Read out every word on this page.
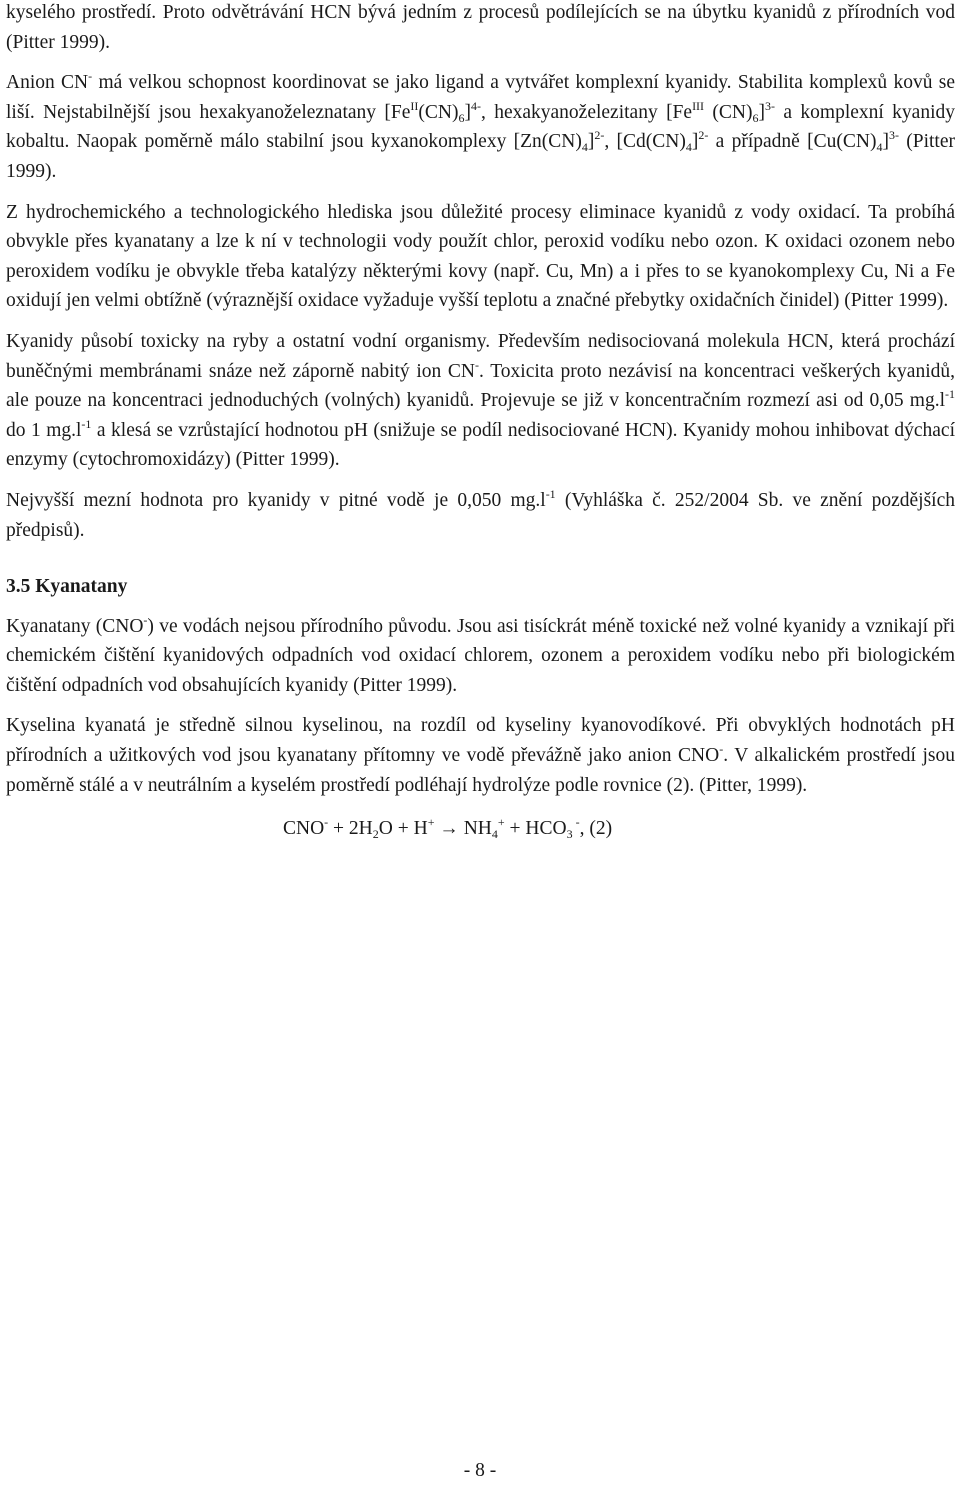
kyselého prostředí. Proto odvětrávání HCN bývá jedním z procesů podílejících se na úbytku kyanidů z přírodních vod (Pitter 1999).

Anion CN- má velkou schopnost koordinovat se jako ligand a vytvářet komplexní kyanidy. Stabilita komplexů kovů se liší. Nejstabilnější jsou hexakyanoželeznatany $[Fe^{II}(CN)_6]^{4-}$, hexakyanoželezitany [$Fe^{III}$ $(CN)_6]^{3-}$ a komplexní kyanidy kobaltu. Naopak poměrně málo stabilní jsou kyxanokomplexy $[Zn(CN)_4]^{2-}$, $[Cd(CN)_4]^{2-}$ a případně $[Cu(CN)_4]^{3-}$ (Pitter 1999).

Z hydrochemického a technologického hlediska jsou důležité procesy eliminace kyanidů z vody oxidací. Ta probíhá obvykle přes kyanatany a lze k ní v technologii vody použít chlor, peroxid vodíku nebo ozon. K oxidaci ozonem nebo peroxidem vodíku je obvykle třeba katalýzy některými kovy (např. Cu, Mn) a i přes to se kyanokomplexy Cu, Ni a Fe oxidují jen velmi obtížně (výraznější oxidace vyžaduje vyšší teplotu a značné přebytky oxidačních činidel) (Pitter 1999).

Kyanidy působí toxicky na ryby a ostatní vodní organismy. Především nedisociovaná molekula HCN, která prochází buněčnými membránami snáze než záporně nabitý ion CN-. Toxicita proto nezávisí na koncentraci veškerých kyanidů, ale pouze na koncentraci jednoduchých (volných) kyanidů. Projevuje se již v koncentračním rozmezí asi od 0,05 $mg.l^{-1}$ do 1 $mg.l^{-1}$ a klesá se vzrůstající hodnotou pH (snižuje se podíl nedisociované HCN). Kyanidy mohou inhibovat dýchací enzymy (cytochromoxidázy) (Pitter 1999).

Nejvyšší mezní hodnota pro kyanidy v pitné vodě je 0,050 $mg.l^{-1}$ (Vyhláška č. 252/2004 Sb. ve znění pozdějších předpisů).

3.5 Kyanatany

Kyanatany (CNO-) ve vodách nejsou přírodního původu. Jsou asi tisíckrát méně toxické než volné kyanidy a vznikají při chemickém čištění kyanidových odpadních vod oxidací chlorem, ozonem a peroxidem vodíku nebo při biologickém čištění odpadních vod obsahujících kyanidy (Pitter 1999).

Kyselina kyanatá je středně silnou kyselinou, na rozdíl od kyseliny kyanovodíkové. Při obvyklých hodnotách pH přírodních a užitkových vod jsou kyanatany přítomny ve vodě převážně jako anion CNO-. V alkalickém prostředí jsou poměrně stálé a v neutrálním a kyselém prostředí podléhají hydrolýze podle rovnice (2). (Pitter, 1999).

$CNO^- + 2H_2O + H^+ \to NH_4^+ + HCO_3$ -, (2)
- 8 -
